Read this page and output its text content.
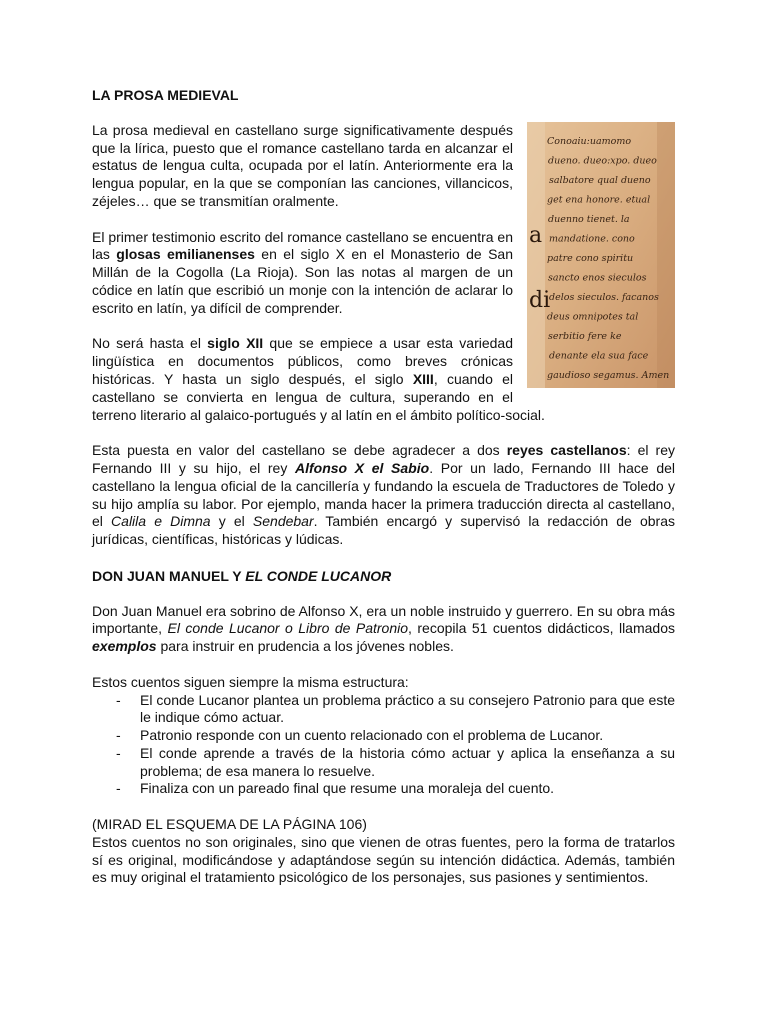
LA PROSA MEDIEVAL
Conoaiu:uamomo
dueno. dueo:xpo. dueo
salbatore qual dueno
get ena honore. etual
duenno tienet. la
mandatione. cono
patre cono spiritu
sancto enos sieculos
delos sieculos. facanos
deus omnipotes tal
serbitio fere ke
denante ela sua face
gaudioso segamus. Amen
a
di

La prosa medieval en castellano surge significativamente después que la lírica, puesto que el romance castellano tarda en alcanzar el estatus de lengua culta, ocupada por el latín. Anteriormente era la lengua popular, en la que se componían las canciones, villancicos, zéjeles… que se transmitían oralmente.

El primer testimonio escrito del romance castellano se encuentra en las glosas emilianenses en el siglo X en el Monasterio de San Millán de la Cogolla (La Rioja). Son las notas al margen de un códice en latín que escribió un monje con la intención de aclarar lo escrito en latín, ya difícil de comprender.

No será hasta el siglo XII que se empiece a usar esta variedad lingüística en documentos públicos, como breves crónicas históricas. Y hasta un siglo después, el siglo XIII, cuando el castellano se convierta en lengua de cultura, superando en el terreno literario al galaico-portugués y al latín en el ámbito político-social.

Esta puesta en valor del castellano se debe agradecer a dos reyes castellanos: el rey Fernando III y su hijo, el rey Alfonso X el Sabio. Por un lado, Fernando III hace del castellano la lengua oficial de la cancillería y fundando la escuela de Traductores de Toledo y su hijo amplía su labor. Por ejemplo, manda hacer la primera traducción directa al castellano, el Calila e Dimna y el Sendebar. También encargó y supervisó la redacción de obras jurídicas, científicas, históricas y lúdicas.

DON JUAN MANUEL Y EL CONDE LUCANOR

Don Juan Manuel era sobrino de Alfonso X, era un noble instruido y guerrero. En su obra más importante, El conde Lucanor o Libro de Patronio, recopila 51 cuentos didácticos, llamados exemplos para instruir en prudencia a los jóvenes nobles.

Estos cuentos siguen siempre la misma estructura:

- El conde Lucanor plantea un problema práctico a su consejero Patronio para que este le indique cómo actuar.
- Patronio responde con un cuento relacionado con el problema de Lucanor.
- El conde aprende a través de la historia cómo actuar y aplica la enseñanza a su problema; de esa manera lo resuelve.
- Finaliza con un pareado final que resume una moraleja del cuento.

(MIRAD EL ESQUEMA DE LA PÁGINA 106)

Estos cuentos no son originales, sino que vienen de otras fuentes, pero la forma de tratarlos sí es original, modificándose y adaptándose según su intención didáctica. Además, también es muy original el tratamiento psicológico de los personajes, sus pasiones y sentimientos.
